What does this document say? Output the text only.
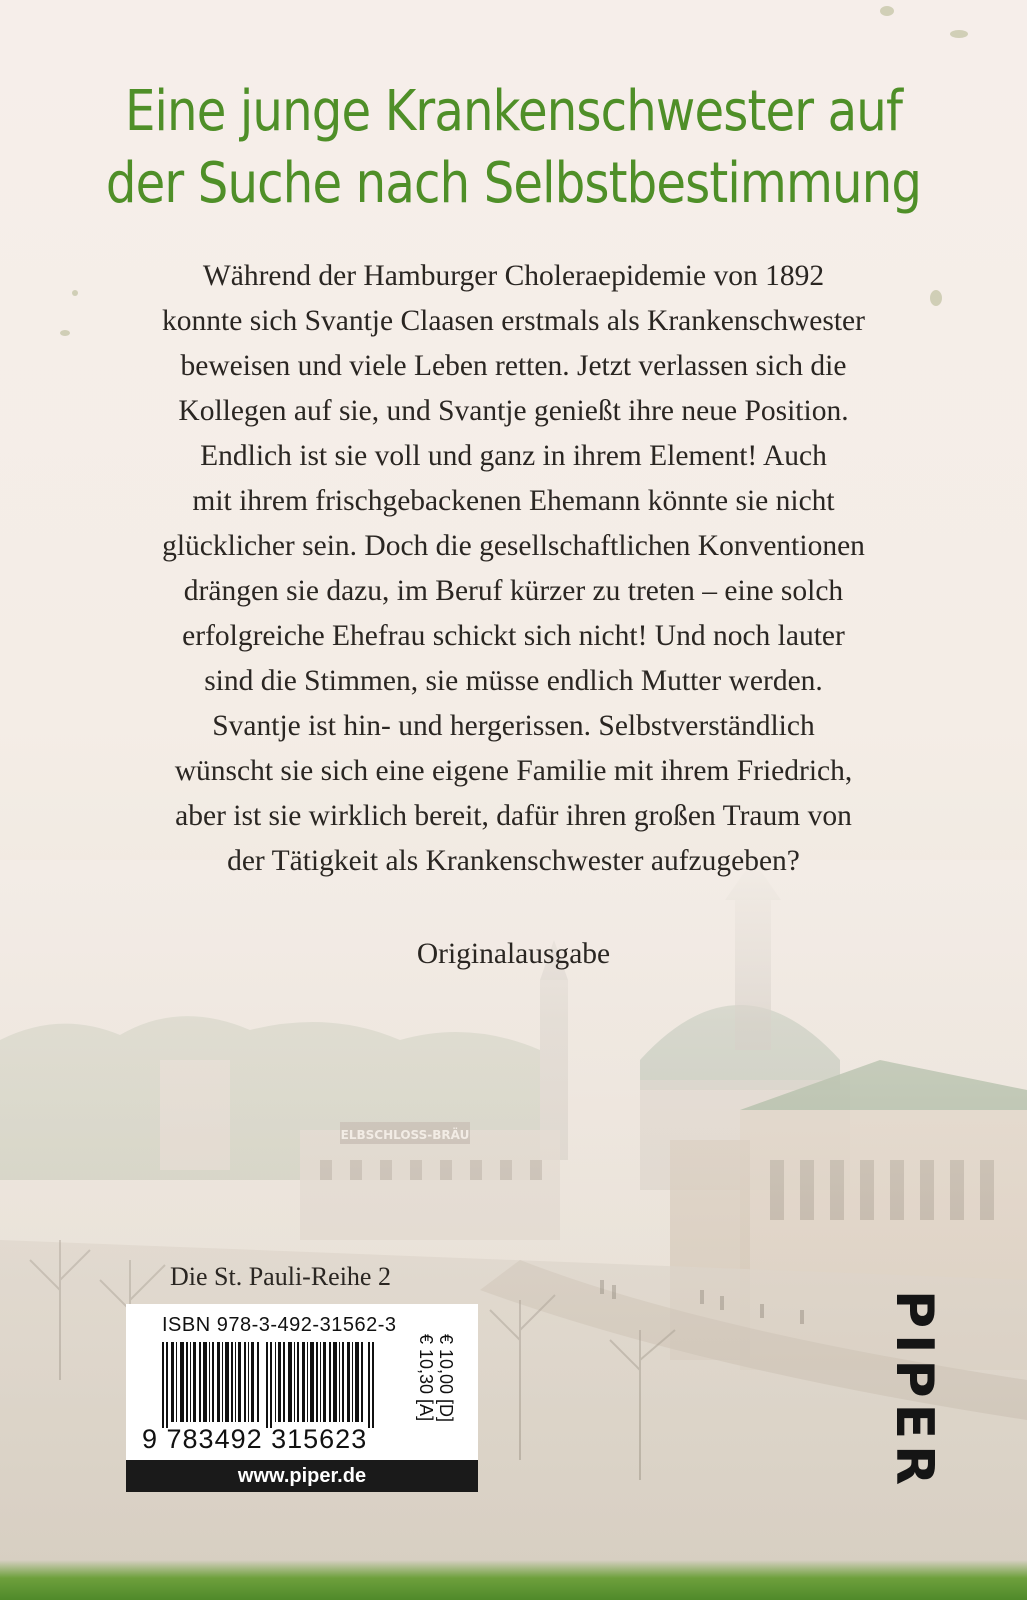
Eine junge Krankenschwester auf
der Suche nach Selbstbestimmung
Während der Hamburger Choleraepidemie von 1892
konnte sich Svantje Claasen erstmals als Krankenschwester
beweisen und viele Leben retten. Jetzt verlassen sich die
Kollegen auf sie, und Svantje genießt ihre neue Position.
Endlich ist sie voll und ganz in ihrem Element! Auch
mit ihrem frischgebackenen Ehemann könnte sie nicht
glücklicher sein. Doch die gesellschaftlichen Konventionen
drängen sie dazu, im Beruf kürzer zu treten – eine solch
erfolgreiche Ehefrau schickt sich nicht! Und noch lauter
sind die Stimmen, sie müsse endlich Mutter werden.
Svantje ist hin- und hergerissen. Selbstverständlich
wünscht sie sich eine eigene Familie mit ihrem Friedrich,
aber ist sie wirklich bereit, dafür ihren großen Traum von
der Tätigkeit als Krankenschwester aufzugeben?
Originalausgabe
Die St. Pauli-Reihe 2
ISBN 978-3-492-31562-3
9 783492 315623
€ 10,00 [D]
€ 10,30 [A]
www.piper.de	PIPER
